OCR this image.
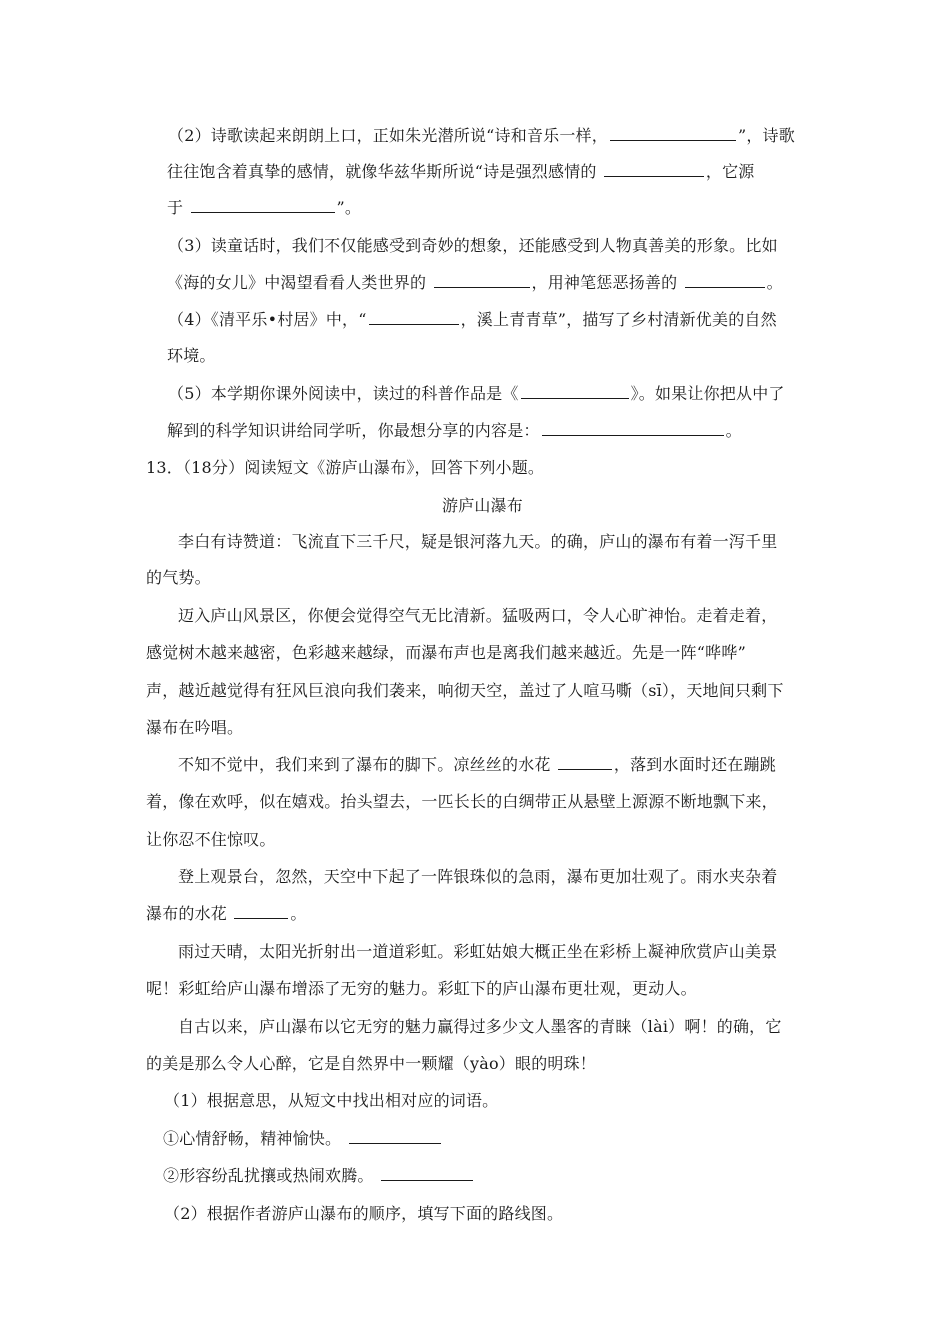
（2）诗歌读起来朗朗上口，正如朱光潜所说“诗和音乐一样，	”，诗歌
往往饱含着真挚的感情，就像华兹华斯所说“诗是强烈感情的	，它源
于	”。
（3）读童话时，我们不仅能感受到奇妙的想象，还能感受到人物真善美的形象。比如
《海的女儿》中渴望看看人类世界的	，用神笔惩恶扬善的	。
（4）《清平乐•村居》中，“	，溪上青青草”，描写了乡村清新优美的自然
环境。
（5）本学期你课外阅读中，读过的科普作品是《	》。如果让你把从中了
解到的科学知识讲给同学听，你最想分享的内容是：	。
13．（18分）阅读短文《游庐山瀑布》，回答下列小题。
游庐山瀑布
李白有诗赞道：飞流直下三千尺，疑是银河落九天。的确，庐山的瀑布有着一泻千里
的气势。
迈入庐山风景区，你便会觉得空气无比清新。猛吸两口，令人心旷神怡。走着走着，
感觉树木越来越密，色彩越来越绿，而瀑布声也是离我们越来越近。先是一阵“哗哗”
声，越近越觉得有狂风巨浪向我们袭来，响彻天空，盖过了人喧马嘶（sī），天地间只剩下
瀑布在吟唱。
不知不觉中，我们来到了瀑布的脚下。凉丝丝的水花	，落到水面时还在蹦跳
着，像在欢呼，似在嬉戏。抬头望去，一匹长长的白绸带正从悬壁上源源不断地飘下来，
让你忍不住惊叹。
登上观景台，忽然，天空中下起了一阵银珠似的急雨，瀑布更加壮观了。雨水夹杂着
瀑布的水花	。
雨过天晴，太阳光折射出一道道彩虹。彩虹姑娘大概正坐在彩桥上凝神欣赏庐山美景
呢！彩虹给庐山瀑布增添了无穷的魅力。彩虹下的庐山瀑布更壮观，更动人。
自古以来，庐山瀑布以它无穷的魅力赢得过多少文人墨客的青睐（lài）啊！的确，它
的美是那么令人心醉，它是自然界中一颗耀（yào）眼的明珠！
（1）根据意思，从短文中找出相对应的词语。
①心情舒畅，精神愉快。
②形容纷乱扰攘或热闹欢腾。
（2）根据作者游庐山瀑布的顺序，填写下面的路线图。
